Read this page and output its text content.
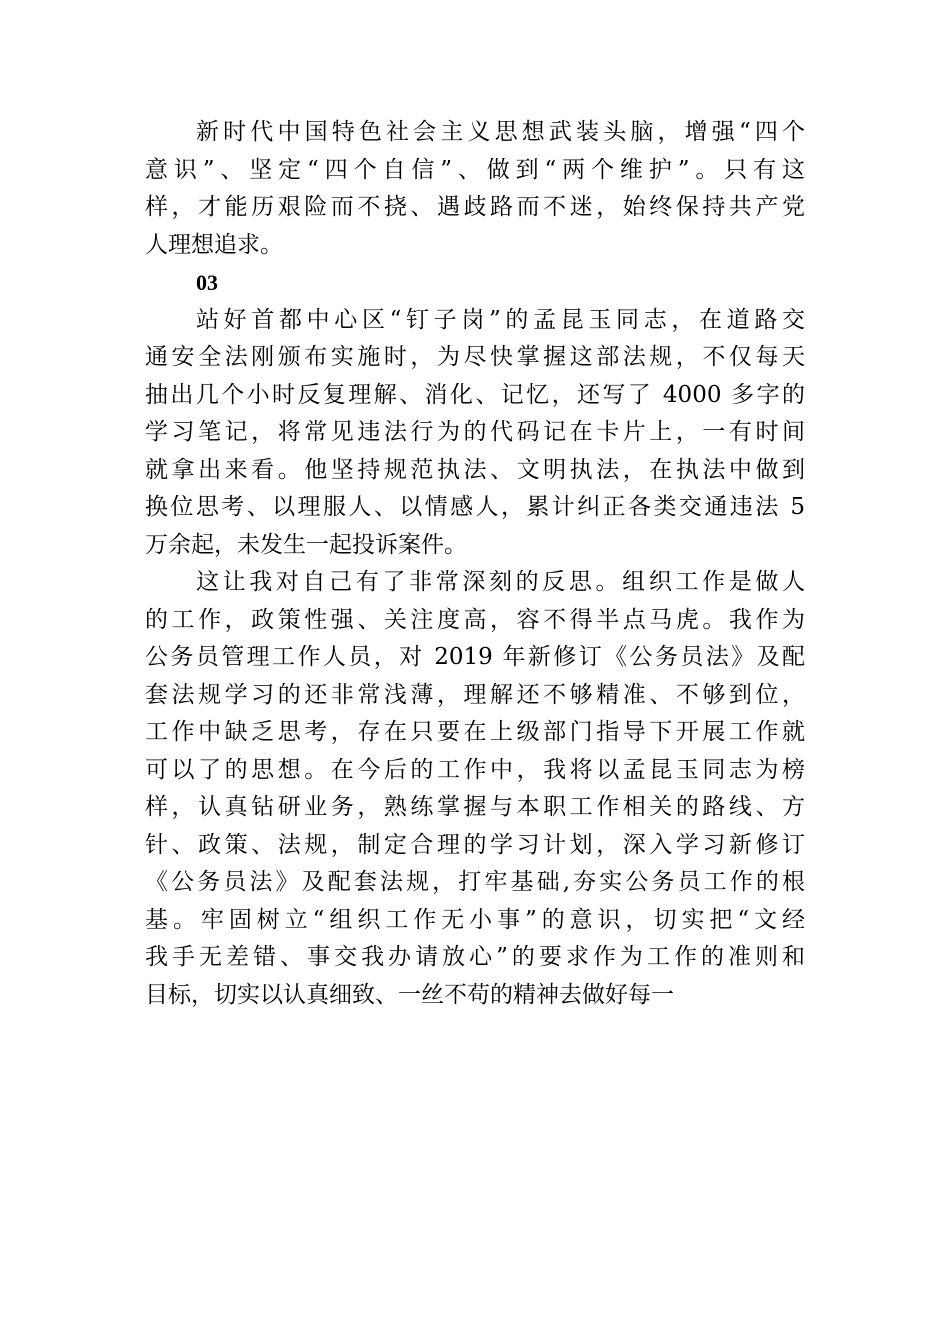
新时代中国特色社会主义思想武装头脑，增强“四个
意识”、坚定“四个自信”、做到“两个维护”。只有这
样，才能历艰险而不挠、遇歧路而不迷，始终保持共产党
人理想追求。
03
站好首都中心区“钉子岗”的孟昆玉同志，在道路交
通安全法刚颁布实施时，为尽快掌握这部法规，不仅每天
抽出几个小时反复理解、消化、记忆，还写了 4000 多字的
学习笔记，将常见违法行为的代码记在卡片上，一有时间
就拿出来看。他坚持规范执法、文明执法，在执法中做到
换位思考、以理服人、以情感人，累计纠正各类交通违法 5
万余起，未发生一起投诉案件。
这让我对自己有了非常深刻的反思。组织工作是做人
的工作，政策性强、关注度高，容不得半点马虎。我作为
公务员管理工作人员，对 2019 年新修订《公务员法》及配
套法规学习的还非常浅薄，理解还不够精准、不够到位，
工作中缺乏思考，存在只要在上级部门指导下开展工作就
可以了的思想。在今后的工作中，我将以孟昆玉同志为榜
样，认真钻研业务，熟练掌握与本职工作相关的路线、方
针、政策、法规，制定合理的学习计划，深入学习新修订
《公务员法》及配套法规，打牢基础,夯实公务员工作的根
基。牢固树立“组织工作无小事”的意识，切实把“文经
我手无差错、事交我办请放心”的要求作为工作的准则和
目标，切实以认真细致、一丝不苟的精神去做好每一
